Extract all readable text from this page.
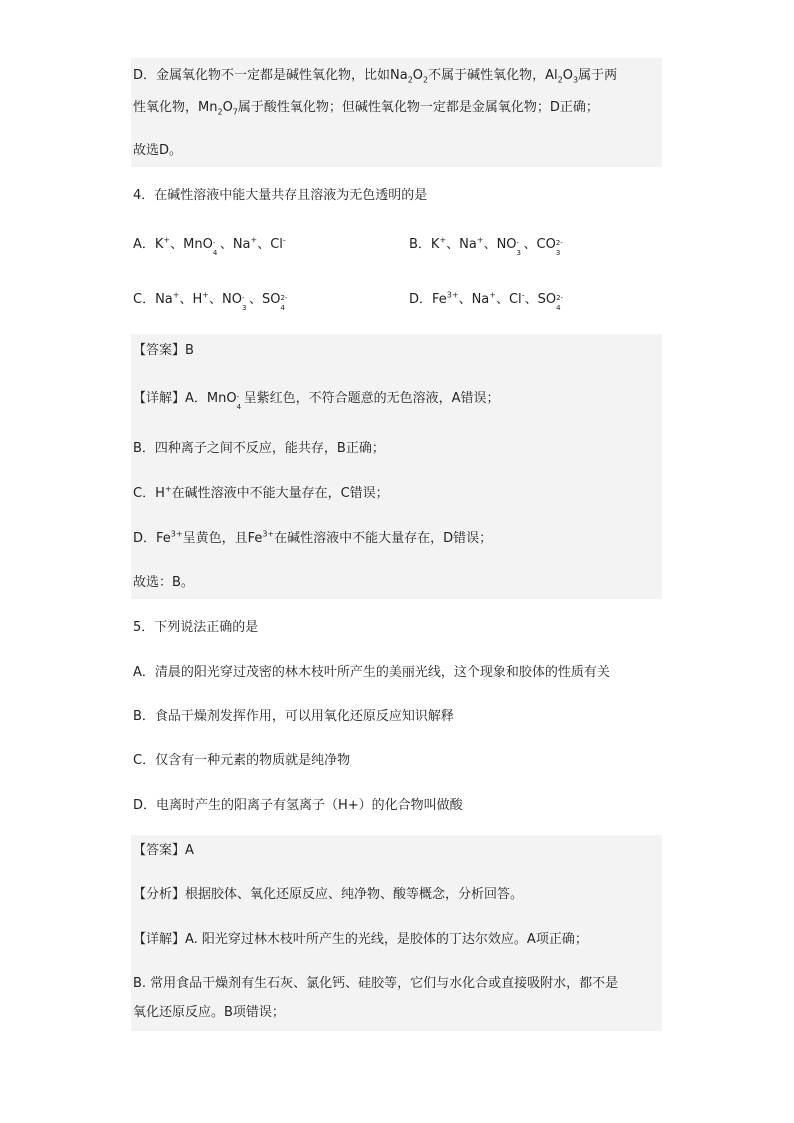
D．金属氧化物不一定都是碱性氧化物，比如$Na_2O_2$不属于碱性氧化物，$Al_2O_3$属于两
性氧化物，$Mn_2O_7$属于酸性氧化物；但碱性氧化物一定都是金属氧化物；D正确；
故选D。
4．在碱性溶液中能大量共存且溶液为无色透明的是
A．K+、MnO -
4
、Na+、Cl-	B．K+、Na+、NO -
3
、CO 2-
3
C．Na+、H+、NO -
3
、SO 2-
4
D．$Fe^{3+}$、Na+、Cl-、SO 2-
4
【答案】B
【详解】A．MnO -
4
呈紫红色，不符合题意的无色溶液，A错误；
B．四种离子之间不反应，能共存，B正确；
C．H+在碱性溶液中不能大量存在，C错误；
D．$Fe^{3+}$呈黄色，且$Fe^{3+}$在碱性溶液中不能大量存在，D错误；
故选：B。
5．下列说法正确的是
A．清晨的阳光穿过茂密的林木枝叶所产生的美丽光线，这个现象和胶体的性质有关
B．食品干燥剂发挥作用，可以用氧化还原反应知识解释
C．仅含有一种元素的物质就是纯净物
D．电离时产生的阳离子有氢离子（H+）的化合物叫做酸
【答案】A
【分析】根据胶体、氧化还原反应、纯净物、酸等概念，分析回答。
【详解】A. 阳光穿过林木枝叶所产生的光线，是胶体的丁达尔效应。A项正确；
B. 常用食品干燥剂有生石灰、氯化钙、硅胶等，它们与水化合或直接吸附水，都不是
氧化还原反应。B项错误；
